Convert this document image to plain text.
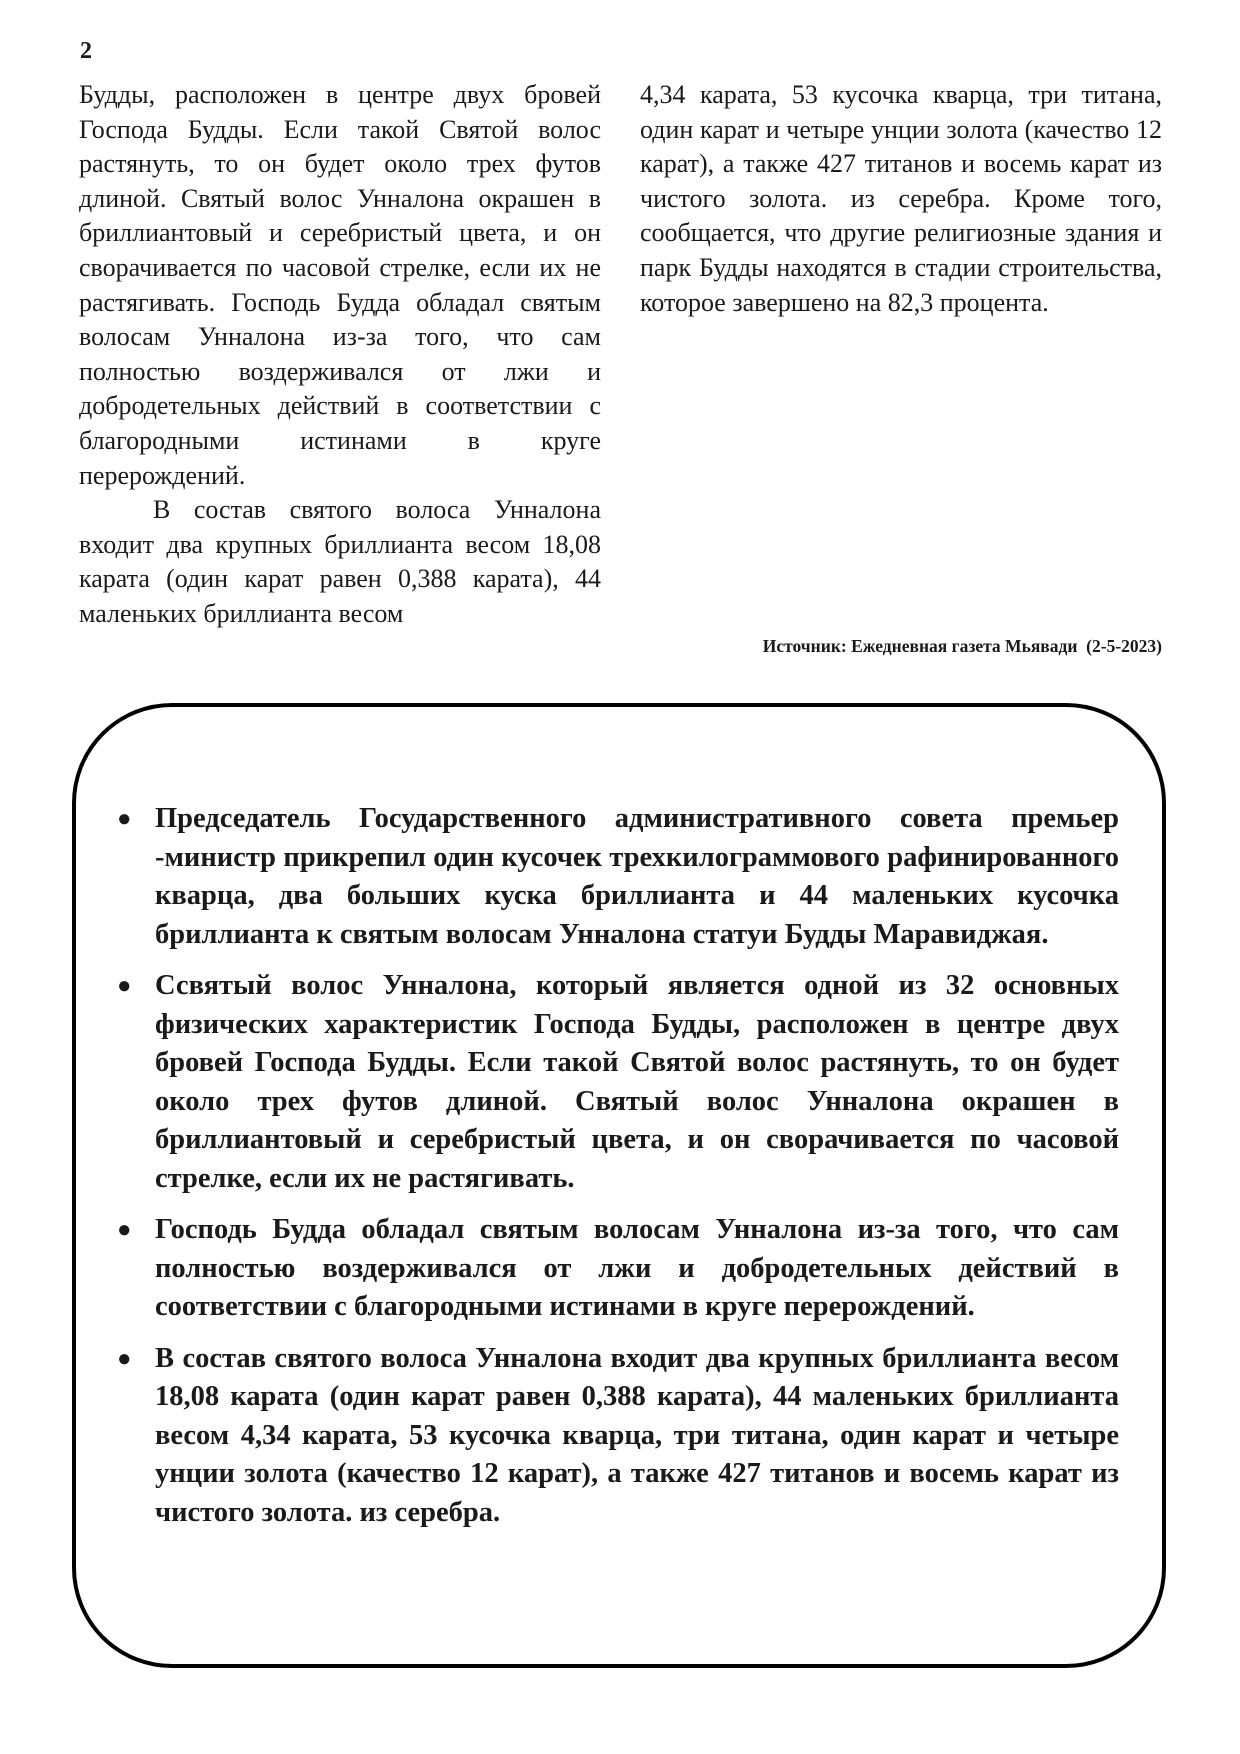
2

Будды, расположен в центре двух бровей Господа Будды. Если такой Святой волос растянуть, то он будет около трех футов длиной. Святый волос Унналона окрашен в бриллиантовый и серебристый цвета, и он сворачивается по часовой стрелке, если их не растягивать. Господь Будда обладал святым волосам Унналона из-за того, что сам полностью воздерживался от лжи и добродетельных действий в соответствии с благородными истинами в круге перерождений.

В состав святого волоса Унналона входит два крупных бриллианта весом 18,08 карата (один карат равен 0,388 карата), 44 маленьких бриллианта весом

4,34 карата, 53 кусочка кварца, три титана, один карат и четыре унции золота (качество 12 карат), а также 427 титанов и восемь карат из чистого золота. из серебра. Кроме того, сообщается, что другие религиозные здания и парк Будды находятся в стадии строительства, которое завершено на 82,3 процента.

Источник: Ежедневная газета Мьявади  (2-5-2023)

● Председатель Государственного административного совета премьер -министр прикрепил один кусочек трехкилограммового рафинированного кварца, два больших куска бриллианта и 44 маленьких кусочка бриллианта к святым волосам Унналона статуи Будды Маравиджая.
● Ссвятый волос Унналона, который является одной из 32 основных физических характеристик Господа Будды, расположен в центре двух бровей Господа Будды. Если такой Святой волос растянуть, то он будет около трех футов длиной. Святый волос Унналона окрашен в бриллиантовый и серебристый цвета, и он сворачивается по часовой стрелке, если их не растягивать.
● Господь Будда обладал святым волосам Унналона из-за того, что сам полностью воздерживался от лжи и добродетельных действий в соответствии с благородными истинами в круге перерождений.
● В состав святого волоса Унналона входит два крупных бриллианта весом 18,08 карата (один карат равен 0,388 карата), 44 маленьких бриллианта весом 4,34 карата, 53 кусочка кварца, три титана, один карат и четыре унции золота (качество 12 карат), а также 427 титанов и восемь карат из чистого золота. из серебра.
